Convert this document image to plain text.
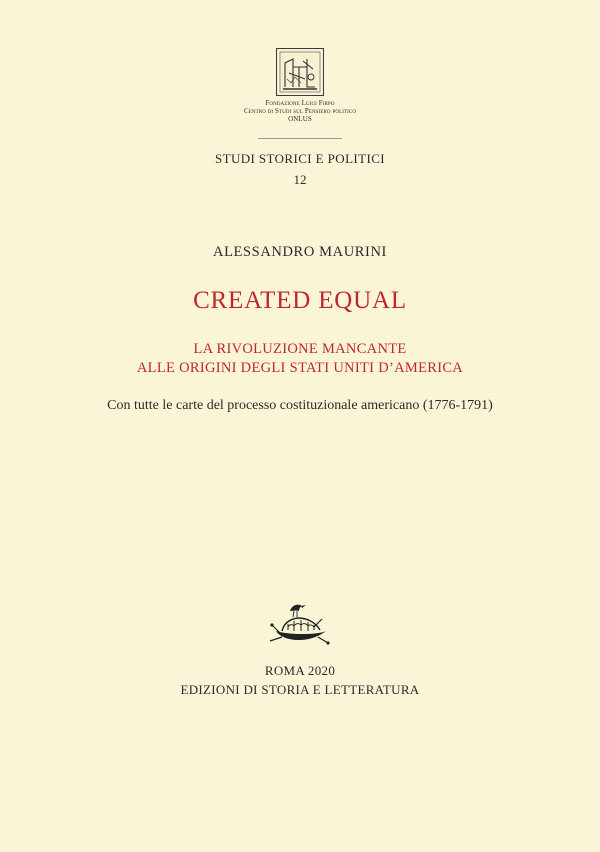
Fondazione Luigi Firpo
Centro di Studi sul Pensiero politico
ONLUS
STUDI STORICI E POLITICI
12
ALESSANDRO MAURINI
CREATED EQUAL
LA RIVOLUZIONE MANCANTE
ALLE ORIGINI DEGLI STATI UNITI D’AMERICA
Con tutte le carte del processo costituzionale americano (1776-1791)
ROMA 2020
EDIZIONI DI STORIA E LETTERATURA
